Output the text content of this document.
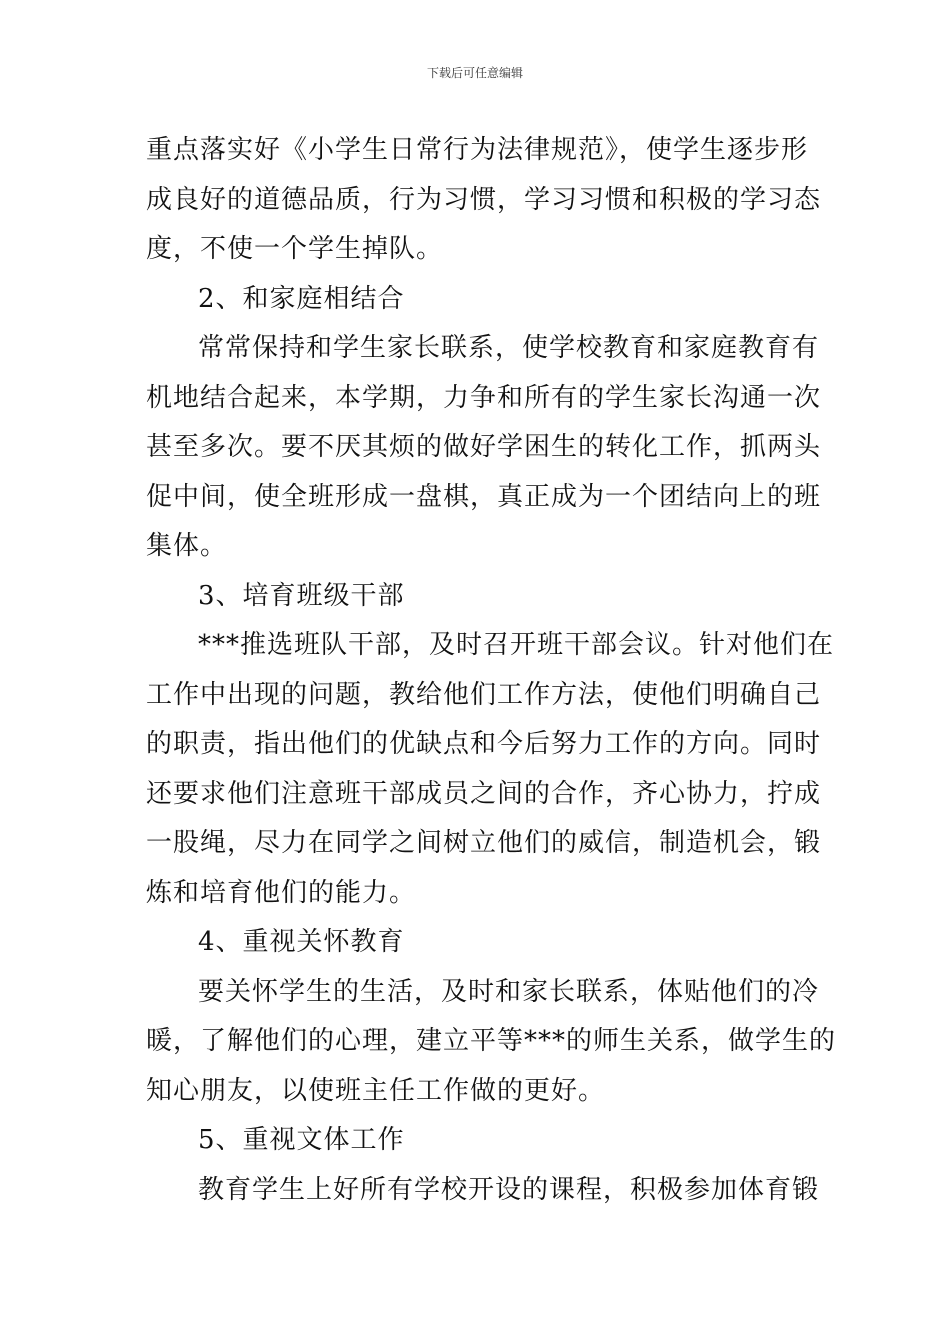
下载后可任意编辑
重点落实好《小学生日常行为法律规范》，使学生逐步形
成良好的道德品质，行为习惯，学习习惯和积极的学习态
度，不使一个学生掉队。
2、和家庭相结合
常常保持和学生家长联系，使学校教育和家庭教育有
机地结合起来，本学期，力争和所有的学生家长沟通一次
甚至多次。要不厌其烦的做好学困生的转化工作，抓两头
促中间，使全班形成一盘棋，真正成为一个团结向上的班
集体。
3、培育班级干部
***推选班队干部，及时召开班干部会议。针对他们在
工作中出现的问题，教给他们工作方法，使他们明确自己
的职责，指出他们的优缺点和今后努力工作的方向。同时
还要求他们注意班干部成员之间的合作，齐心协力，拧成
一股绳，尽力在同学之间树立他们的威信，制造机会，锻
炼和培育他们的能力。
4、重视关怀教育
要关怀学生的生活，及时和家长联系，体贴他们的冷
暖，了解他们的心理，建立平等***的师生关系，做学生的
知心朋友，以使班主任工作做的更好。
5、重视文体工作
教育学生上好所有学校开设的课程，积极参加体育锻
